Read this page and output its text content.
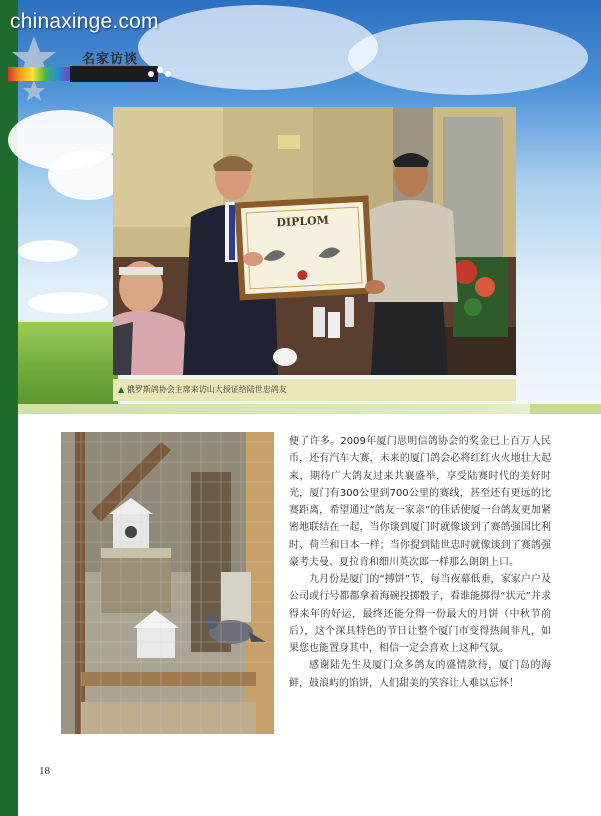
chinaxinge.com
名家访谈
DIPLOM
▲ 俄罗斯鸽协会主席来访山大授证给陆世忠鸽友

便了许多。2009年厦门思明信鸽协会的奖金已上百万人民币，还有汽车大赛，未来的厦门鸽会必将红红火火地壮大起来，期待广大鸽友过来共襄盛举，享受陆赛时代的美好时光，厦门有300公里到700公里的赛线，甚至还有更远的比赛距离，希望通过“鸽友一家亲”的佳话使厦一台鸽友更加紧密地联结在一起，当你谈到厦门时就像谈到了赛鸽强国比利时、荷兰和日本一样；当你提到陆世忠时就像谈到了赛鸽强豪考夫曼、夏拉肯和细川英次郎一样那么朗朗上口。

九月份是厦门的“搏饼”节，每当夜幕低垂，家家户户及公司或行号都都拿着海碗投掷骰子，看谁能掷得“状元”并求得来年的好运，最终还能分得一份最大的月饼（中秋节前后），这个深具特色的节日让整个厦门市变得热闹非凡，如果您也能置身其中，相信一定会喜欢上这种气氛。

感谢陆先生及厦门众多鸽友的盛情款待，厦门岛的海鲜，鼓浪屿的馅饼，人们甜美的笑容让人难以忘怀！

18
